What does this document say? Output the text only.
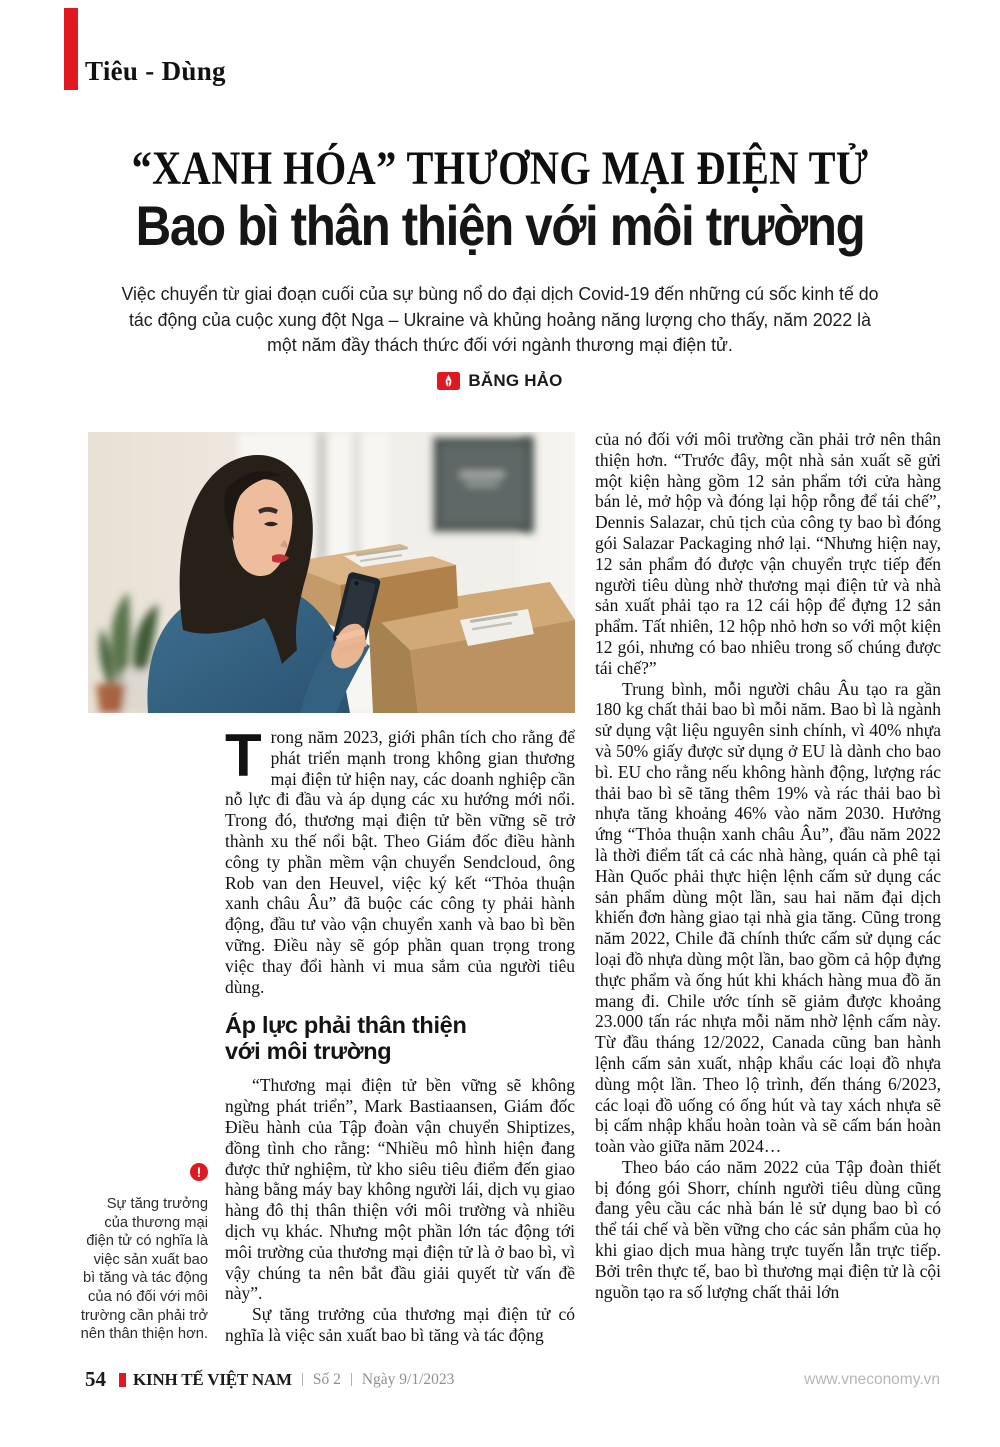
Tiêu - Dùng
“XANH HÓA” THƯƠNG MẠI ĐIỆN TỬ
Bao bì thân thiện với môi trường
Việc chuyển từ giai đoạn cuối của sự bùng nổ do đại dịch Covid-19 đến những cú sốc kinh tế do tác động của cuộc xung đột Nga – Ukraine và khủng hoảng năng lượng cho thấy, năm 2022 là một năm đầy thách thức đối với ngành thương mại điện tử.
BĂNG HẢO

của nó đối với môi trường cần phải trở nên thân thiện hơn. “Trước đây, một nhà sản xuất sẽ gửi một kiện hàng gồm 12 sản phẩm tới cửa hàng bán lẻ, mở hộp và đóng lại hộp rỗng để tái chế”, Dennis Salazar, chủ tịch của công ty bao bì đóng gói Salazar Packaging nhớ lại. “Nhưng hiện nay, 12 sản phẩm đó được vận chuyển trực tiếp đến người tiêu dùng nhờ thương mại điện tử và nhà sản xuất phải tạo ra 12 cái hộp để đựng 12 sản phẩm. Tất nhiên, 12 hộp nhỏ hơn so với một kiện 12 gói, nhưng có bao nhiêu trong số chúng được tái chế?”

Trung bình, mỗi người châu Âu tạo ra gần 180 kg chất thải bao bì mỗi năm. Bao bì là ngành sử dụng vật liệu nguyên sinh chính, vì 40% nhựa và 50% giấy được sử dụng ở EU là dành cho bao bì. EU cho rằng nếu không hành động, lượng rác thải bao bì sẽ tăng thêm 19% và rác thải bao bì nhựa tăng khoảng 46% vào năm 2030. Hưởng ứng “Thỏa thuận xanh châu Âu”, đầu năm 2022 là thời điểm tất cả các nhà hàng, quán cà phê tại Hàn Quốc phải thực hiện lệnh cấm sử dụng các sản phẩm dùng một lần, sau hai năm đại dịch khiến đơn hàng giao tại nhà gia tăng. Cũng trong năm 2022, Chile đã chính thức cấm sử dụng các loại đồ nhựa dùng một lần, bao gồm cả hộp đựng thực phẩm và ống hút khi khách hàng mua đồ ăn mang đi. Chile ước tính sẽ giảm được khoảng 23.000 tấn rác nhựa mỗi năm nhờ lệnh cấm này. Từ đầu tháng 12/2022, Canada cũng ban hành lệnh cấm sản xuất, nhập khẩu các loại đồ nhựa dùng một lần. Theo lộ trình, đến tháng 6/2023, các loại đồ uống có ống hút và tay xách nhựa sẽ bị cấm nhập khẩu hoàn toàn và sẽ cấm bán hoàn toàn vào giữa năm 2024…

Theo báo cáo năm 2022 của Tập đoàn thiết bị đóng gói Shorr, chính người tiêu dùng cũng đang yêu cầu các nhà bán lẻ sử dụng bao bì có thể tái chế và bền vững cho các sản phẩm của họ khi giao dịch mua hàng trực tuyến lẫn trực tiếp. Bởi trên thực tế, bao bì thương mại điện tử là cội nguồn tạo ra số lượng chất thải lớn

Trong năm 2023, giới phân tích cho rằng để phát triển mạnh trong không gian thương mại điện tử hiện nay, các doanh nghiệp cần nỗ lực đi đầu và áp dụng các xu hướng mới nổi. Trong đó, thương mại điện tử bền vững sẽ trở thành xu thế nổi bật. Theo Giám đốc điều hành công ty phần mềm vận chuyển Sendcloud, ông Rob van den Heuvel, việc ký kết “Thỏa thuận xanh châu Âu” đã buộc các công ty phải hành động, đầu tư vào vận chuyển xanh và bao bì bền vững. Điều này sẽ góp phần quan trọng trong việc thay đổi hành vi mua sắm của người tiêu dùng.

Áp lực phải thân thiện
với môi trường

“Thương mại điện tử bền vững sẽ không ngừng phát triển”, Mark Bastiaansen, Giám đốc Điều hành của Tập đoàn vận chuyển Shiptizes, đồng tình cho rằng: “Nhiều mô hình hiện đang được thử nghiệm, từ kho siêu tiêu điểm đến giao hàng bằng máy bay không người lái, dịch vụ giao hàng đô thị thân thiện với môi trường và nhiều dịch vụ khác. Nhưng một phần lớn tác động tới môi trường của thương mại điện tử là ở bao bì, vì vậy chúng ta nên bắt đầu giải quyết từ vấn đề này”.

Sự tăng trưởng của thương mại điện tử có nghĩa là việc sản xuất bao bì tăng và tác động

!
Sự tăng trưởng của thương mại điện tử có nghĩa là việc sản xuất bao bì tăng và tác động của nó đối với môi trường cần phải trở nên thân thiện hơn.
54 KINH TẾ VIỆT NAM | Số 2 | Ngày 9/1/2023	www.vneconomy.vn
